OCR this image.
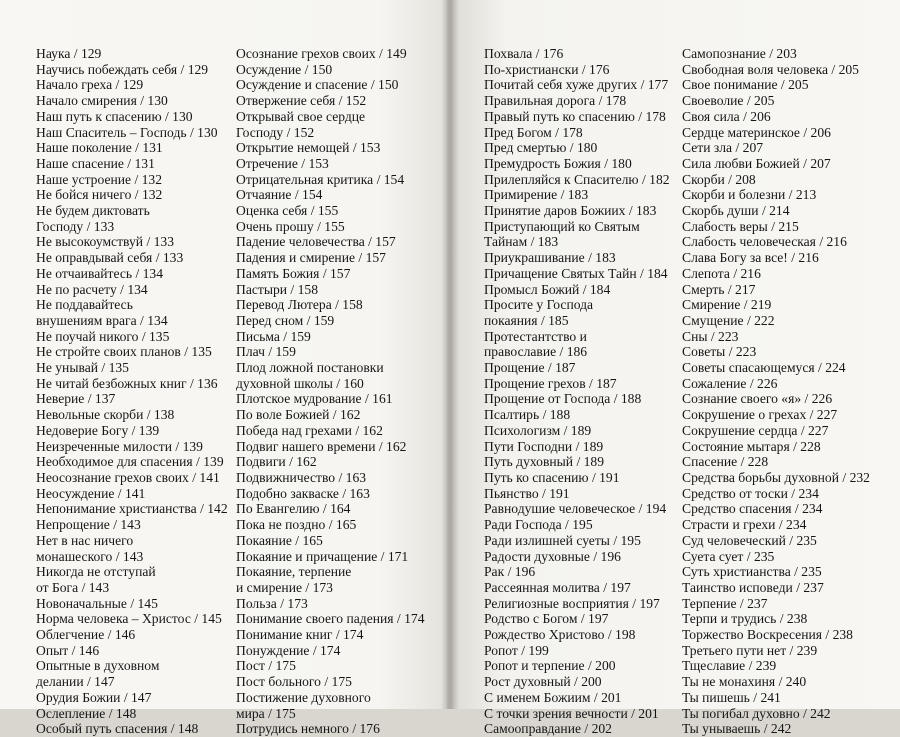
Наука / 129
Научись побеждать себя / 129
Начало греха / 129
Начало смирения / 130
Наш путь к спасению / 130
Наш Спаситель – Господь / 130
Наше поколение / 131
Наше спасение / 131
Наше устроение / 132
Не бойся ничего / 132
Не будем диктовать
Господу / 133
Не высокоумствуй / 133
Не оправдывай себя / 133
Не отчаивайтесь / 134
Не по расчету / 134
Не поддавайтесь
внушениям врага / 134
Не поучай никого / 135
Не стройте своих планов / 135
Не унывай / 135
Не читай безбожных книг / 136
Неверие / 137
Невольные скорби / 138
Недоверие Богу / 139
Неизреченные милости / 139
Необходимое для спасения / 139
Неосознание грехов своих / 141
Неосуждение / 141
Непонимание христианства / 142
Непрощение / 143
Нет в нас ничего
монашеского / 143
Никогда не отступай
от Бога / 143
Новоначальные / 145
Норма человека – Христос / 145
Облегчение / 146
Опыт / 146
Опытные в духовном
делании / 147
Орудия Божии / 147
Ослепление / 148
Особый путь спасения / 148
Осознание грехов своих / 149
Осуждение / 150
Осуждение и спасение / 150
Отвержение себя / 152
Открывай свое сердце
Господу / 152
Открытие немощей / 153
Отречение / 153
Отрицательная критика / 154
Отчаяние / 154
Оценка себя / 155
Очень прошу / 155
Падение человечества / 157
Падения и смирение / 157
Память Божия / 157
Пастыри / 158
Перевод Лютера / 158
Перед сном / 159
Письма / 159
Плач / 159
Плод ложной постановки
духовной школы / 160
Плотское мудрование / 161
По воле Божией / 162
Победа над грехами / 162
Подвиг нашего времени / 162
Подвиги / 162
Подвижничество / 163
Подобно закваске / 163
По Евангелию / 164
Пока не поздно / 165
Покаяние / 165
Покаяние и причащение / 171
Покаяние, терпение
и смирение / 173
Польза / 173
Понимание своего падения / 174
Понимание книг / 174
Понуждение / 174
Пост / 175
Пост больного / 175
Постижение духовного
мира / 175
Потрудись немного / 176
Похвала / 176
По-христиански / 176
Почитай себя хуже других / 177
Правильная дорога / 178
Правый путь ко спасению / 178
Пред Богом / 178
Пред смертью / 180
Премудрость Божия / 180
Прилепляйся к Спасителю / 182
Примирение / 183
Принятие даров Божиих / 183
Приступающий ко Святым
Тайнам / 183
Приукрашивание / 183
Причащение Святых Тайн / 184
Промысл Божий / 184
Просите у Господа
покаяния / 185
Протестантство и
православие / 186
Прощение / 187
Прощение грехов / 187
Прощение от Господа / 188
Псалтирь / 188
Психологизм / 189
Пути Господни / 189
Путь духовный / 189
Путь ко спасению / 191
Пьянство / 191
Равнодушие человеческое / 194
Ради Господа / 195
Ради излишней суеты / 195
Радости духовные / 196
Рак / 196
Рассеянная молитва / 197
Религиозные восприятия / 197
Родство с Богом / 197
Рождество Христово / 198
Ропот / 199
Ропот и терпение / 200
Рост духовный / 200
С именем Божиим / 201
С точки зрения вечности / 201
Самооправдание / 202
Самопознание / 203
Свободная воля человека / 205
Свое понимание / 205
Своеволие / 205
Своя сила / 206
Сердце материнское / 206
Сети зла / 207
Сила любви Божией / 207
Скорби / 208
Скорби и болезни / 213
Скорбь души / 214
Слабость веры / 215
Слабость человеческая / 216
Слава Богу за все! / 216
Слепота / 216
Смерть / 217
Смирение / 219
Смущение / 222
Сны / 223
Советы / 223
Советы спасающемуся / 224
Сожаление / 226
Сознание своего «я» / 226
Сокрушение о грехах / 227
Сокрушение сердца / 227
Состояние мытаря / 228
Спасение / 228
Средства борьбы духовной / 232
Средство от тоски / 234
Средство спасения / 234
Страсти и грехи / 234
Суд человеческий / 235
Суета сует / 235
Суть христианства / 235
Таинство исповеди / 237
Терпение / 237
Терпи и трудись / 238
Торжество Воскресения / 238
Третьего пути нет / 239
Тщеславие / 239
Ты не монахиня / 240
Ты пишешь / 241
Ты погибал духовно / 242
Ты унываешь / 242
